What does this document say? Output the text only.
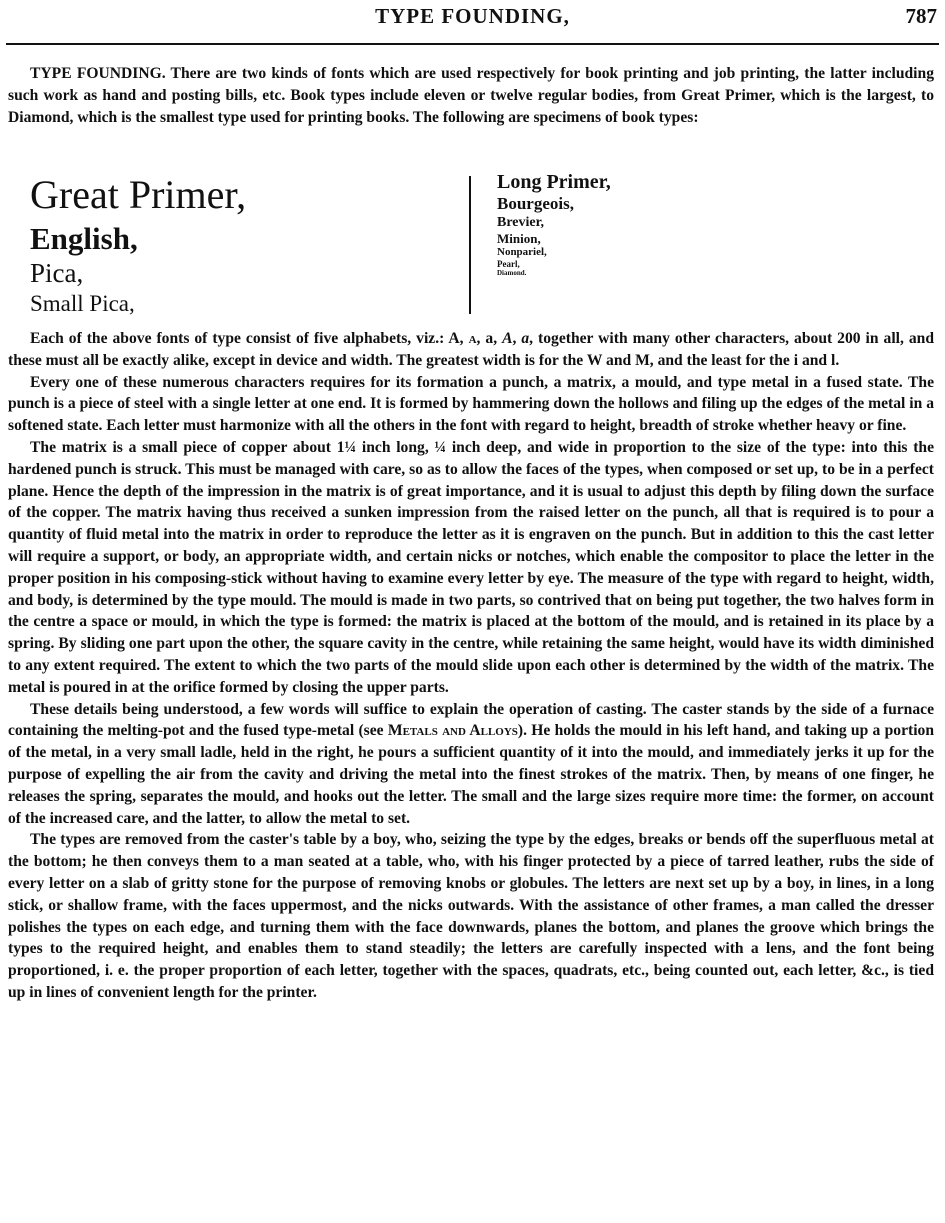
TYPE FOUNDING,	787

TYPE FOUNDING. There are two kinds of fonts which are used respectively for book printing and job printing, the latter including such work as hand and posting bills, etc. Book types include eleven or twelve regular bodies, from Great Primer, which is the largest, to Diamond, which is the smallest type used for printing books. The following are specimens of book types:

Great Primer,
English,
Pica,
Small Pica,
Long Primer,
Bourgeois,
Brevier,
Minion,
Nonpariel,
Pearl,
Diamond.

Each of the above fonts of type consist of five alphabets, viz.: A, a, a, A, a, together with many other characters, about 200 in all, and these must all be exactly alike, except in device and width. The greatest width is for the W and M, and the least for the i and l.

Every one of these numerous characters requires for its formation a punch, a matrix, a mould, and type metal in a fused state. The punch is a piece of steel with a single letter at one end. It is formed by hammering down the hollows and filing up the edges of the metal in a softened state. Each letter must harmonize with all the others in the font with regard to height, breadth of stroke whether heavy or fine.

The matrix is a small piece of copper about 1¼ inch long, ¼ inch deep, and wide in proportion to the size of the type: into this the hardened punch is struck. This must be managed with care, so as to allow the faces of the types, when composed or set up, to be in a perfect plane. Hence the depth of the impression in the matrix is of great importance, and it is usual to adjust this depth by filing down the surface of the copper. The matrix having thus received a sunken impression from the raised letter on the punch, all that is required is to pour a quantity of fluid metal into the matrix in order to reproduce the letter as it is engraven on the punch. But in addition to this the cast letter will require a support, or body, an appropriate width, and certain nicks or notches, which enable the compositor to place the letter in the proper position in his composing-stick without having to examine every letter by eye. The measure of the type with regard to height, width, and body, is determined by the type mould. The mould is made in two parts, so contrived that on being put together, the two halves form in the centre a space or mould, in which the type is formed: the matrix is placed at the bottom of the mould, and is retained in its place by a spring. By sliding one part upon the other, the square cavity in the centre, while retaining the same height, would have its width diminished to any extent required. The extent to which the two parts of the mould slide upon each other is determined by the width of the matrix. The metal is poured in at the orifice formed by closing the upper parts.

These details being understood, a few words will suffice to explain the operation of casting. The caster stands by the side of a furnace containing the melting-pot and the fused type-metal (see Metals and Alloys). He holds the mould in his left hand, and taking up a portion of the metal, in a very small ladle, held in the right, he pours a sufficient quantity of it into the mould, and immediately jerks it up for the purpose of expelling the air from the cavity and driving the metal into the finest strokes of the matrix. Then, by means of one finger, he releases the spring, separates the mould, and hooks out the letter. The small and the large sizes require more time: the former, on account of the increased care, and the latter, to allow the metal to set.

The types are removed from the caster's table by a boy, who, seizing the type by the edges, breaks or bends off the superfluous metal at the bottom; he then conveys them to a man seated at a table, who, with his finger protected by a piece of tarred leather, rubs the side of every letter on a slab of gritty stone for the purpose of removing knobs or globules. The letters are next set up by a boy, in lines, in a long stick, or shallow frame, with the faces uppermost, and the nicks outwards. With the assistance of other frames, a man called the dresser polishes the types on each edge, and turning them with the face downwards, planes the bottom, and planes the groove which brings the types to the required height, and enables them to stand steadily; the letters are carefully inspected with a lens, and the font being proportioned, i. e. the proper proportion of each letter, together with the spaces, quadrats, etc., being counted out, each letter, &c., is tied up in lines of convenient length for the printer.
